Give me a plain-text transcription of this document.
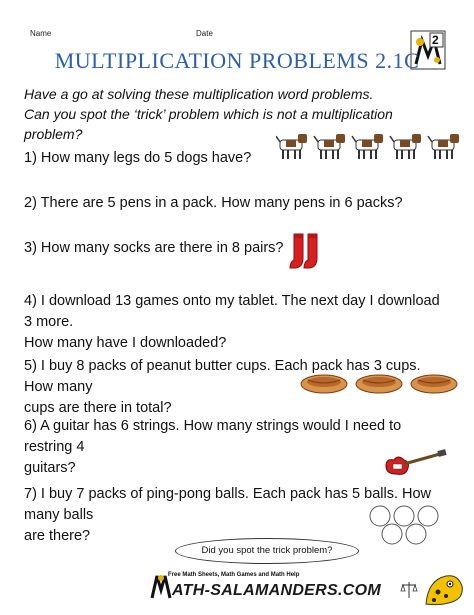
Name	Date	2
MULTIPLICATION PROBLEMS 2.1C
Have a go at solving these multiplication word problems.
Can you spot the ‘trick’ problem which is not a multiplication problem?
1) How many legs do 5 dogs have?
2) There are 5 pens in a pack. How many pens in 6 packs?
3) How many socks are there in 8 pairs?
4) I download 13 games onto my tablet. The next day I download 3 more.
How many have I downloaded?
5) I buy 8 packs of peanut butter cups. Each pack has 3 cups. How many
cups are there in total?
6) A guitar has 6 strings. How many strings would I need to restring 4
guitars?
7) I buy 7 packs of ping-pong balls. Each pack has 5 balls. How many balls
are there?
Did you spot the trick problem?
Free Math Sheets, Math Games and Math Help
ATH-SALAMANDERS.COM
